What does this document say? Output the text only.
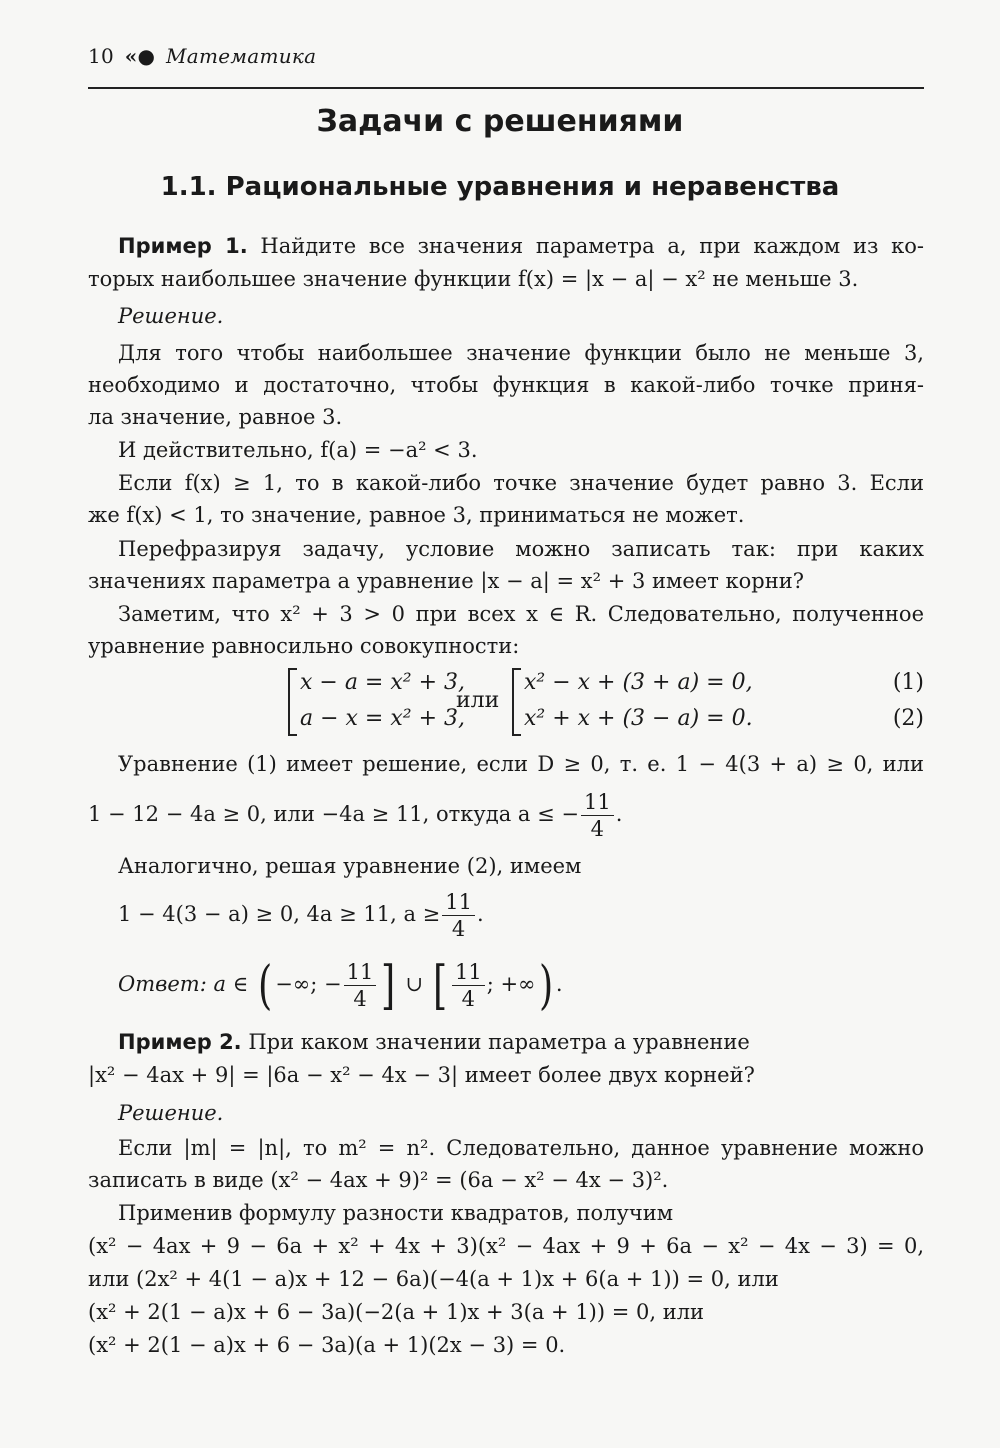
10 «● Математика
Задачи с решениями
1.1. Рациональные уравнения и неравенства
Пример 1. Найдите все значения параметра a, при каждом из ко-
торых наибольшее значение функции f(x) = |x − a| − x² не меньше 3.
Решение.
Для того чтобы наибольшее значение функции было не меньше 3,
необходимо и достаточно, чтобы функция в какой-либо точке приня-
ла значение, равное 3.
И действительно, f(a) = −a² < 3.
Если f(x) ≥ 1, то в какой-либо точке значение будет равно 3. Если
же f(x) < 1, то значение, равное 3, приниматься не может.
Перефразируя задачу, условие можно записать так: при каких
значениях параметра a уравнение |x − a| = x² + 3 имеет корни?
Заметим, что x² + 3 > 0 при всех x ∈ R. Следовательно, полученное
уравнение равносильно совокупности:
x − a = x² + 3,
a − x = x² + 3,
или
x² − x + (3 + a) = 0,
x² + x + (3 − a) = 0.
(1)
(2)
Уравнение (1) имеет решение, если D ≥ 0, т. е. 1 − 4(3 + a) ≥ 0, или
1 − 12 − 4a ≥ 0, или −4a ≥ 11, откуда a ≤ − $\frac{11}{4}$ .
Аналогично, решая уравнение (2), имеем
1 − 4(3 − a) ≥ 0, 4a ≥ 11, $a \ge \frac{11}{4}$ .
Ответ: a ∈ ( −∞; − $\frac{11}{4}$ ] ∪ [ $\frac{11}{4}$ ; +∞) .
Пример 2. При каком значении параметра a уравнение
|x² − 4ax + 9| = |6a − x² − 4x − 3| имеет более двух корней?
Решение.
Если |m| = |n|, то m² = n². Следовательно, данное уравнение можно
записать в виде (x² − 4ax + 9)² = (6a − x² − 4x − 3)².
Применив формулу разности квадратов, получим
(x² − 4ax + 9 − 6a + x² + 4x + 3)(x² − 4ax + 9 + 6a − x² − 4x − 3) = 0,
или (2x² + 4(1 − a)x + 12 − 6a)(−4(a + 1)x + 6(a + 1)) = 0, или
(x² + 2(1 − a)x + 6 − 3a)(−2(a + 1)x + 3(a + 1)) = 0, или
(x² + 2(1 − a)x + 6 − 3a)(a + 1)(2x − 3) = 0.
